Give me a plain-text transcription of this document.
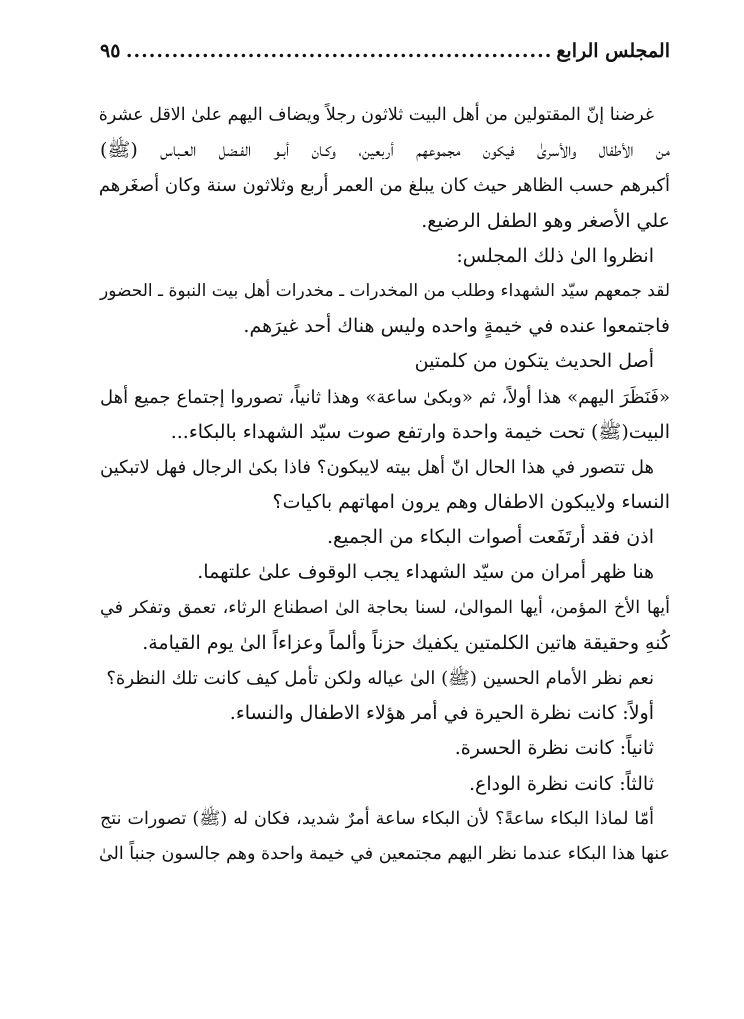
المجلس الرابع
.....
٩٥
غرضنا إنّ المقتولين من أهل البيت ثلاثون رجلاً ويضاف اليهم علىٰ الاقل عشرة
من الأطفال والأسرىٰ فيكون مجموعهم أربعين، وكـان أبـو الفـضل العـباس (ﷺ)
أكبرهم حسب الظاهر حيث كان يبلغ من العمر أربع وثلاثون سنة وكان أصغَرهم
علي الأصغر وهو الطفل الرضيع.
انظروا الىٰ ذلك المجلس:
لقد جمعهم سيّد الشهداء وطلب من المخدرات ـ مخدرات أهل بيت النبوة ـ الحضور
فاجتمعوا عنده في خيمةٍ واحده وليس هناك أحد غيرَهم.
أصل الحديث يتكون من كلمتين
«فَنَظَرَ اليهم» هذا أولاً، ثم «وبكىٰ ساعة» وهذا ثانياً، تصوروا إجتماع جميع أهل
البيت(ﷺ) تحت خيمة واحدة وارتفع صوت سيّد الشهداء بالبكاء...
هل تتصور في هذا الحال انّ أهل بيته لايبكون؟ فاذا بكىٰ الرجال فهل لاتبكين
النساء ولايبكون الاطفال وهم يرون امهاتهم باكيات؟
اذن فقد أرتَفَعت أصوات البكاء من الجميع.
هنا ظهر أمران من سيّد الشهداء يجب الوقوف علىٰ علتهما.
أيها الأخ المؤمن، أيها الموالىٰ، لسنا بحاجة الىٰ اصطناع الرثاء، تعمق وتفكر في
كُنهِ وحقيقة هاتين الكلمتين يكفيك حزناً وألماً وعزاءاً الىٰ يوم القيامة.
نعم نظر الأمام الحسين (ﷺ) الىٰ عياله ولكن تأمل كيف كانت تلك النظرة؟
أولاً: كانت نظرة الحيرة في أمر هؤلاء الاطفال والنساء.
ثانياً: كانت نظرة الحسرة.
ثالثاً: كانت نظرة الوداع.
أمّا لماذا البكاء ساعةً؟ لأن البكاء ساعة أمرٌ شديد، فكان له (ﷺ) تصورات نتج
عنها هذا البكاء عندما نظر اليهم مجتمعين في خيمة واحدة وهم جالسون جنباً الىٰ
